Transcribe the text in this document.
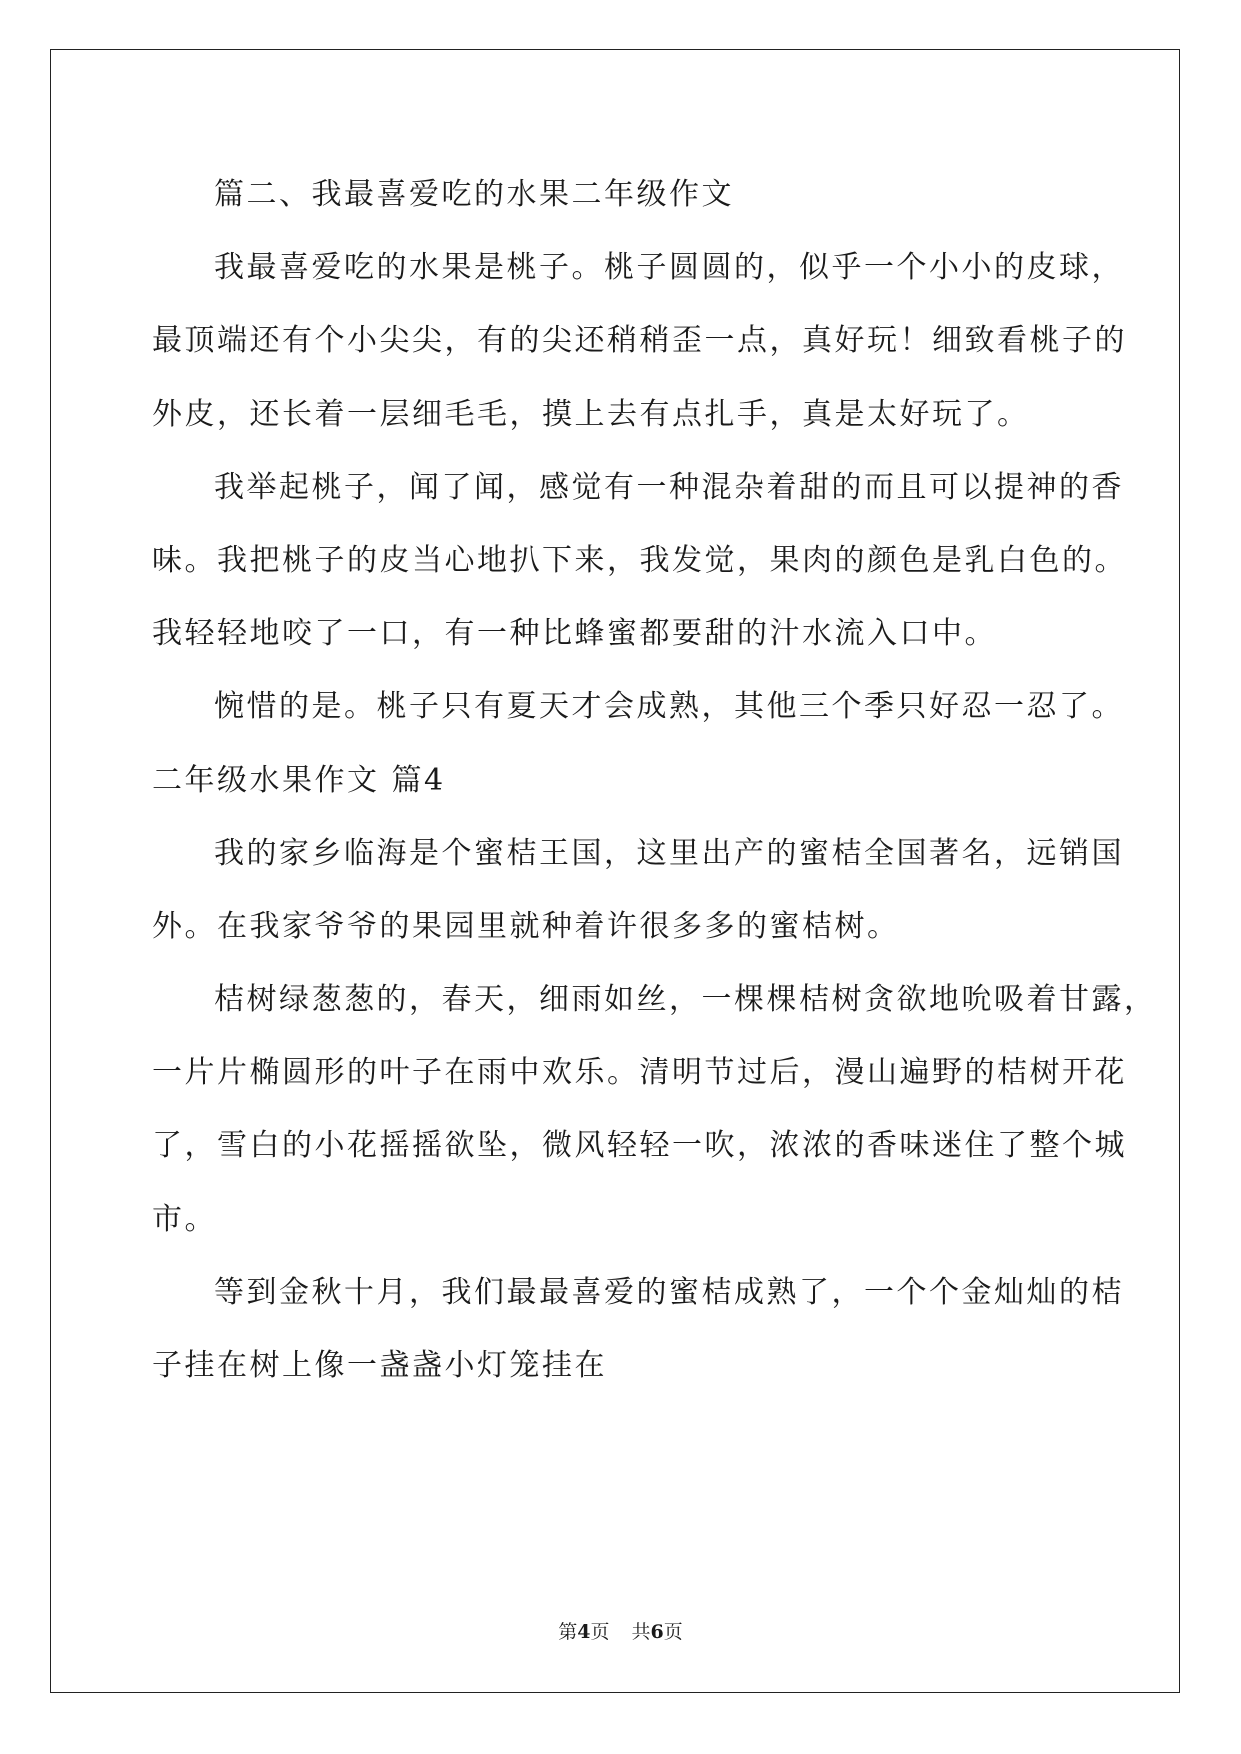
篇二、我最喜爱吃的水果二年级作文
我最喜爱吃的水果是桃子。桃子圆圆的，似乎一个小小的皮球，
最顶端还有个小尖尖，有的尖还稍稍歪一点，真好玩！细致看桃子的
外皮，还长着一层细毛毛，摸上去有点扎手，真是太好玩了。
我举起桃子，闻了闻，感觉有一种混杂着甜的而且可以提神的香
味。我把桃子的皮当心地扒下来，我发觉，果肉的颜色是乳白色的。
我轻轻地咬了一口，有一种比蜂蜜都要甜的汁水流入口中。
惋惜的是。桃子只有夏天才会成熟，其他三个季只好忍一忍了。
二年级水果作文 篇4
我的家乡临海是个蜜桔王国，这里出产的蜜桔全国著名，远销国
外。在我家爷爷的果园里就种着许很多多的蜜桔树。
桔树绿葱葱的，春天，细雨如丝，一棵棵桔树贪欲地吮吸着甘露，
一片片椭圆形的叶子在雨中欢乐。清明节过后，漫山遍野的桔树开花
了，雪白的小花摇摇欲坠，微风轻轻一吹，浓浓的香味迷住了整个城
市。
等到金秋十月，我们最最喜爱的蜜桔成熟了，一个个金灿灿的桔
子挂在树上像一盏盏小灯笼挂在
第4页 共6页
